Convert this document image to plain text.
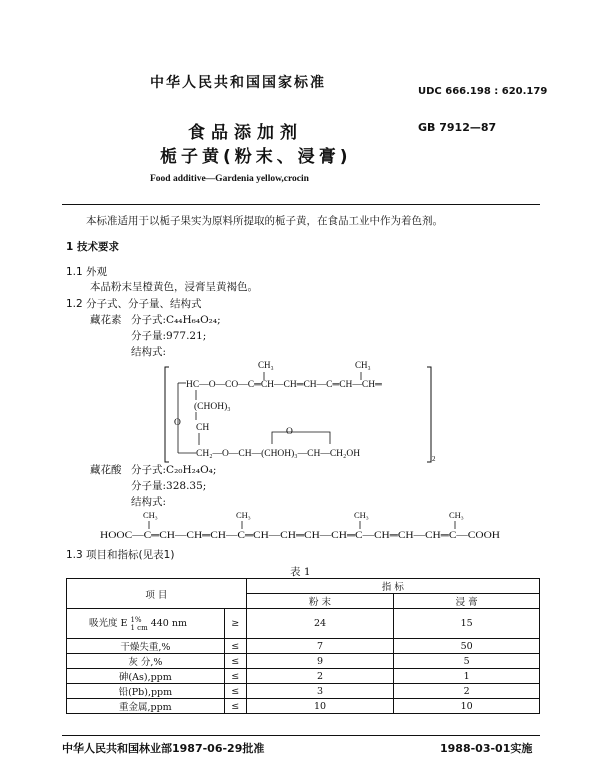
中华人民共和国国家标准
UDC 666.198 : 620.179
食品添加剂	GB 7912—87
栀子黄(粉末、浸膏)
Food additive—Gardenia yellow,crocin
本标准适用于以栀子果实为原料所提取的栀子黄，在食品工业中作为着色剂。
1 技术要求
1.1 外观
本品粉末呈橙黄色，浸膏呈黄褐色。
1.2 分子式、分子量、结构式
藏花素 分子式:C₄₄H₆₄O₂₄;
分子量:977.21;
结构式:
2
CH₃	CH₃
HC—O—CO—C═CH—CH═CH—C═CH—CH═
(CHOH)₃
O CH
CH₂—O—CH—(CHOH)₃—CH—CH₂OH
O
藏花酸 分子式:C₂₀H₂₄O₄;
分子量:328.35;
结构式:
CH₃	CH₃	CH₃	CH₃
HOOC—C═CH—CH═CH—C═CH—CH═CH—CH═C—CH═CH—CH═C—COOH
1.3 项目和指标(见表1)
表 1
项 目		指 标	
		粉 末	浸 膏
吸光度 E 1%
1 cm 440 nm	≥	24	15
干燥失重,%	≤	7	50
灰 分,%	≤	9	5
砷(As),ppm	≤	2	1
铅(Pb),ppm	≤	3	2
重金属,ppm	≤	10	10
中华人民共和国林业部1987-06-29批准	1988-03-01实施
